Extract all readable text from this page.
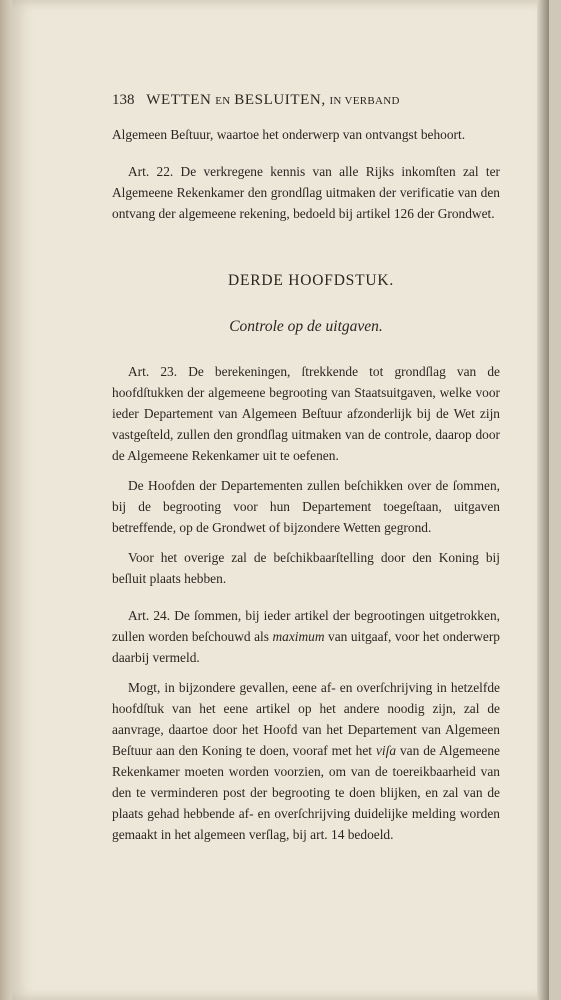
138 WETTEN EN BESLUITEN, IN VERBAND

Algemeen Beſtuur, waartoe het onderwerp van ontvangst behoort.

Art. 22. De verkregene kennis van alle Rijks inkomſten zal ter Algemeene Rekenkamer den grondſlag uitmaken der verificatie van den ontvang der algemeene rekening, bedoeld bij artikel 126 der Grondwet.

DERDE HOOFDSTUK.
Controle op de uitgaven.

Art. 23. De berekeningen, ſtrekkende tot grondſlag van de hoofdſtukken der algemeene begrooting van Staatsuitgaven, welke voor ieder Departement van Algemeen Beſtuur afzonderlijk bij de Wet zijn vastgeſteld, zullen den grondſlag uitmaken van de controle, daarop door de Algemeene Rekenkamer uit te oefenen.

De Hoofden der Departementen zullen beſchikken over de ſommen, bij de begrooting voor hun Departement toegeſtaan, uitgaven betreffende, op de Grondwet of bijzondere Wetten gegrond.

Voor het overige zal de beſchikbaarſtelling door den Koning bij beſluit plaats hebben.

Art. 24. De ſommen, bij ieder artikel der begrootingen uitgetrokken, zullen worden beſchouwd als maximum van uitgaaf, voor het onderwerp daarbij vermeld.

Mogt, in bijzondere gevallen, eene af- en overſchrijving in hetzelfde hoofdſtuk van het eene artikel op het andere noodig zijn, zal de aanvrage, daartoe door het Hoofd van het Departement van Algemeen Beſtuur aan den Koning te doen, vooraf met het viſa van de Algemeene Rekenkamer moeten worden voorzien, om van de toereikbaarheid van den te verminderen post der begrooting te doen blijken, en zal van de plaats gehad hebbende af- en overſchrijving duidelijke melding worden gemaakt in het algemeen verſlag, bij art. 14 bedoeld.
